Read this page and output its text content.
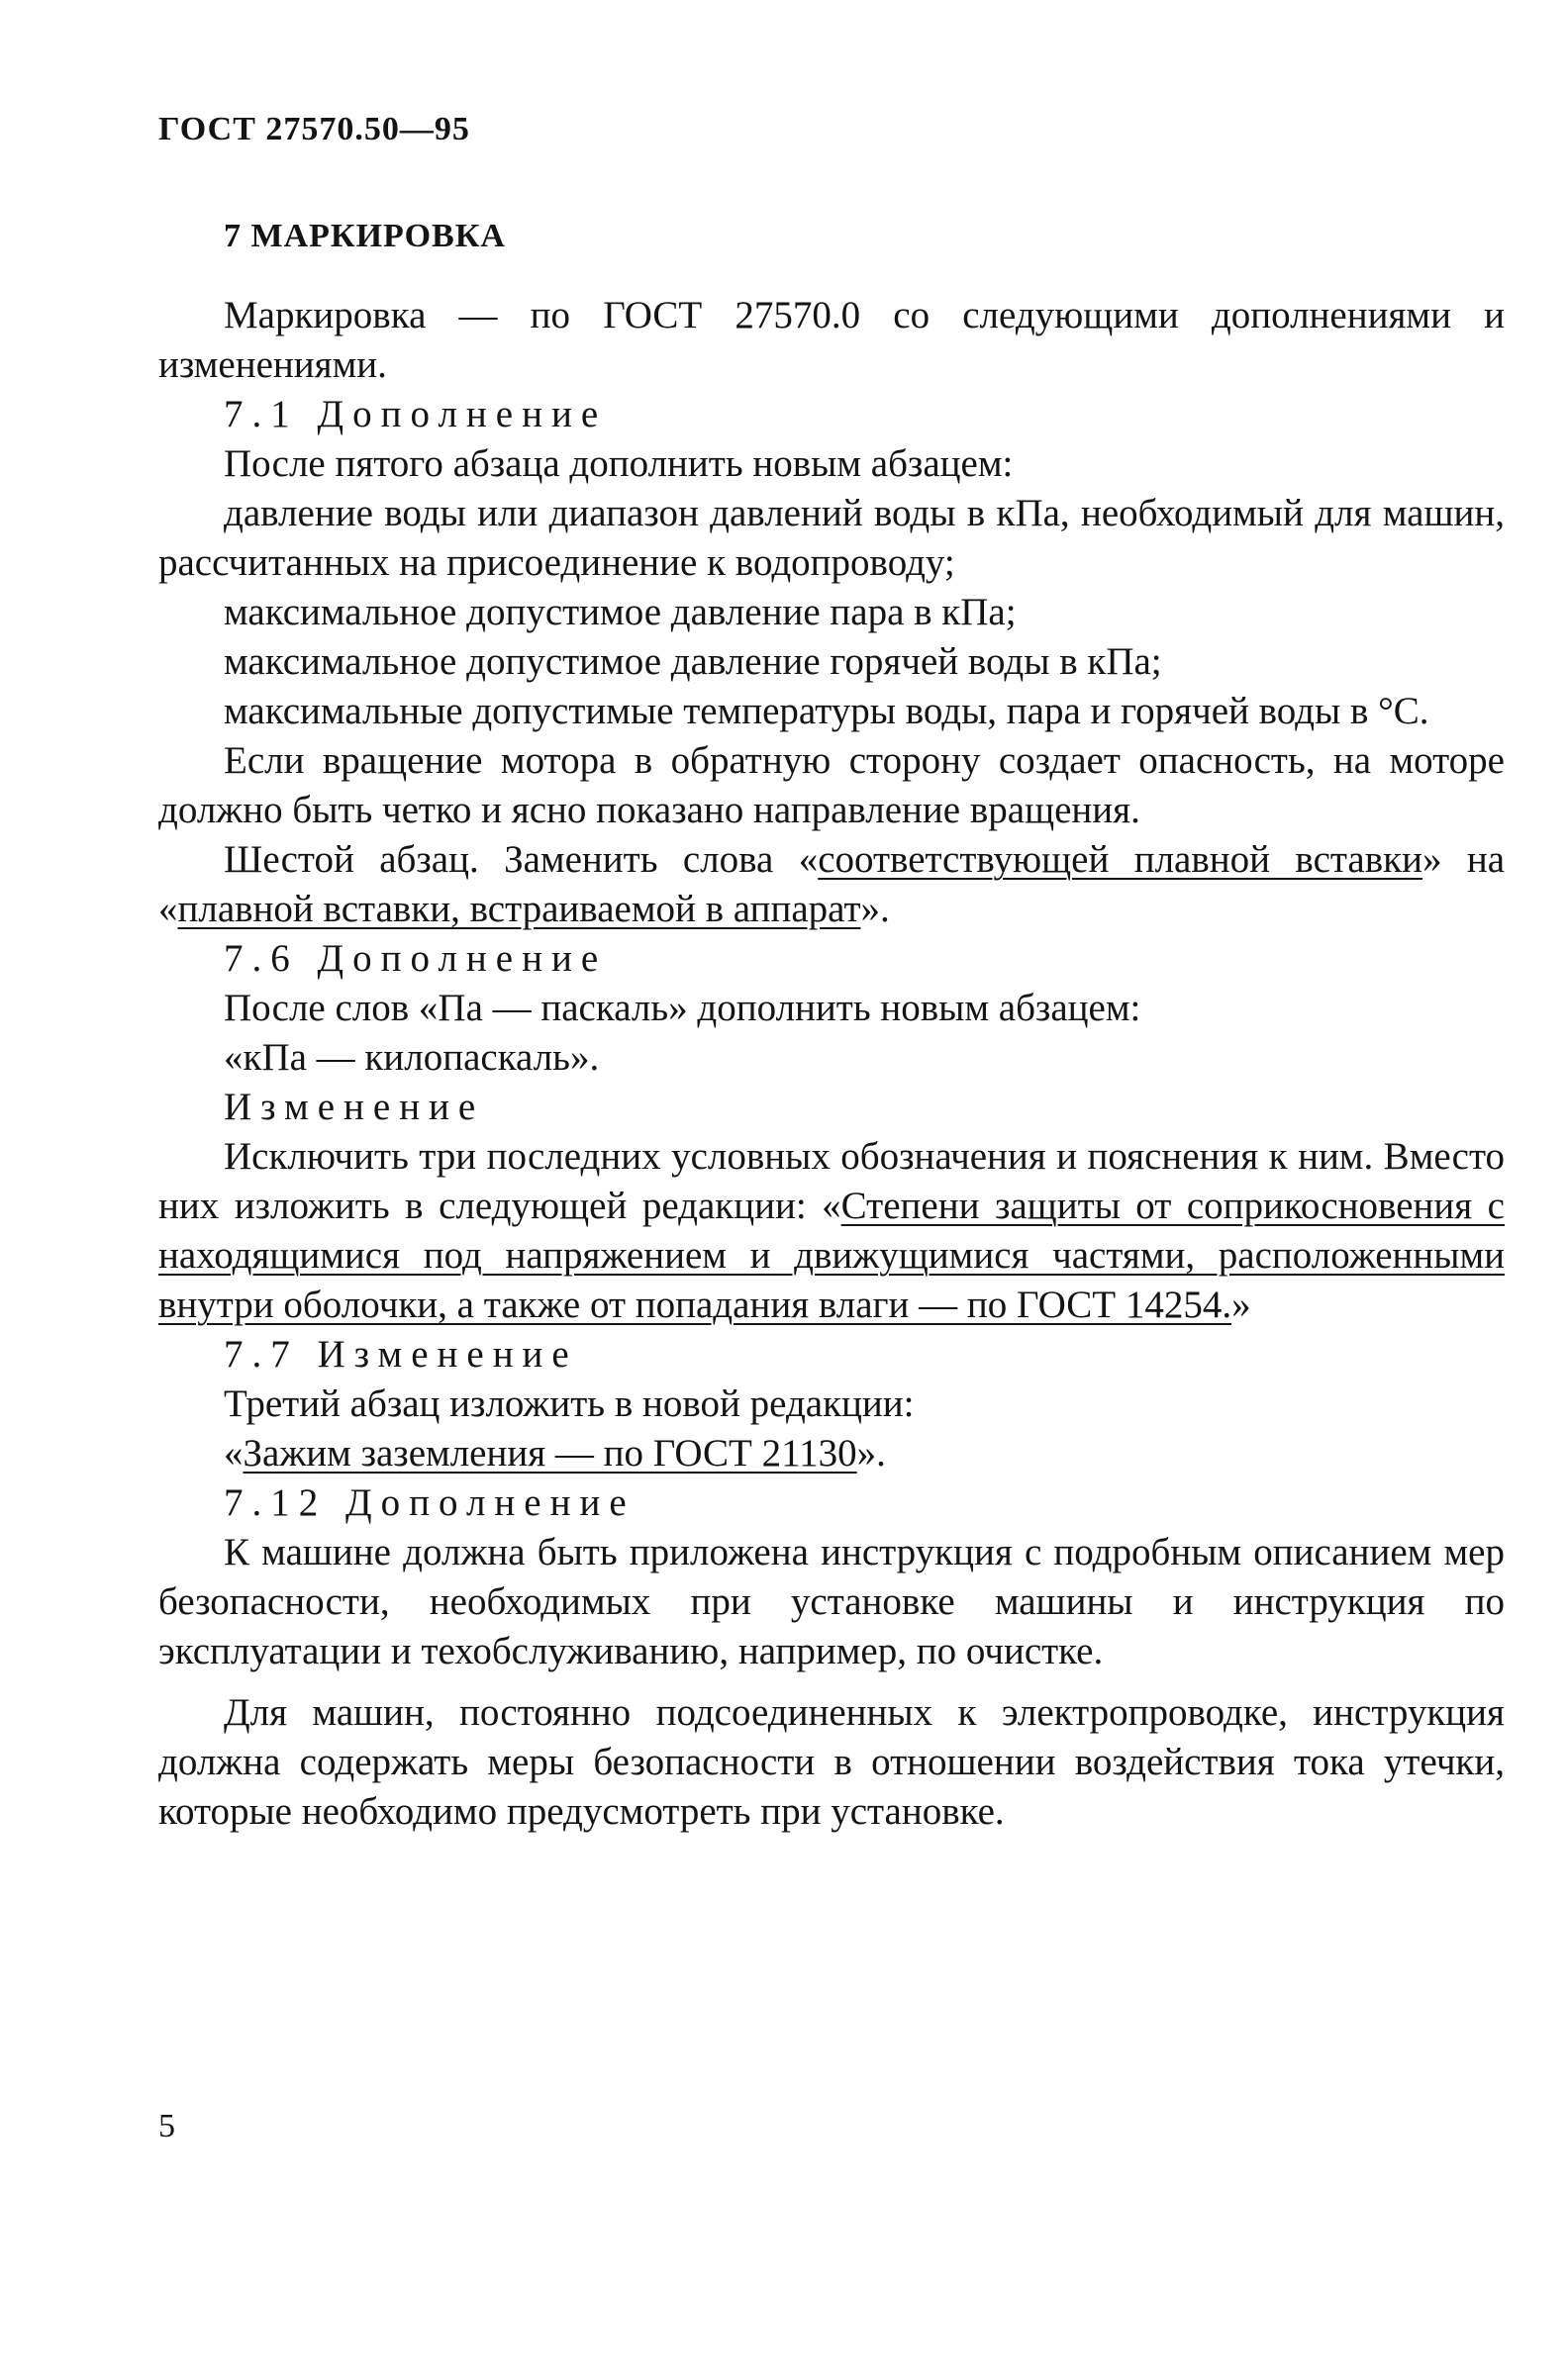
ГОСТ 27570.50—95
7 МАРКИРОВКА

Маркировка — по ГОСТ 27570.0 со следующими дополнениями и изменениями.

7.1 Дополнение

После пятого абзаца дополнить новым абзацем:

давление воды или диапазон давлений воды в кПа, необходимый для машин, рассчитанных на присоединение к водопроводу;

максимальное допустимое давление пара в кПа;

максимальное допустимое давление горячей воды в кПа;

максимальные допустимые температуры воды, пара и горячей воды в °С.

Если вращение мотора в обратную сторону создает опасность, на моторе должно быть четко и ясно показано направление вращения.

Шестой абзац. Заменить слова «соответствующей плавной вставки» на «плавной вставки, встраиваемой в аппарат».

7.6 Дополнение

После слов «Па — паскаль» дополнить новым абзацем:

«кПа — килопаскаль».

Изменение

Исключить три последних условных обозначения и пояснения к ним. Вместо них изложить в следующей редакции: «Степени защиты от соприкосновения с находящимися под напряжением и движущимися частями, расположенными внутри оболочки, а также от попадания влаги — по ГОСТ 14254.»

7.7 Изменение

Третий абзац изложить в новой редакции:

«Зажим заземления — по ГОСТ 21130».

7.12 Дополнение

К машине должна быть приложена инструкция с подробным описанием мер безопасности, необходимых при установке машины и инструкция по эксплуатации и техобслуживанию, например, по очистке.

Для машин, постоянно подсоединенных к электропроводке, инструкция должна содержать меры безопасности в отношении воздействия тока утечки, которые необходимо предусмотреть при установке.

5
